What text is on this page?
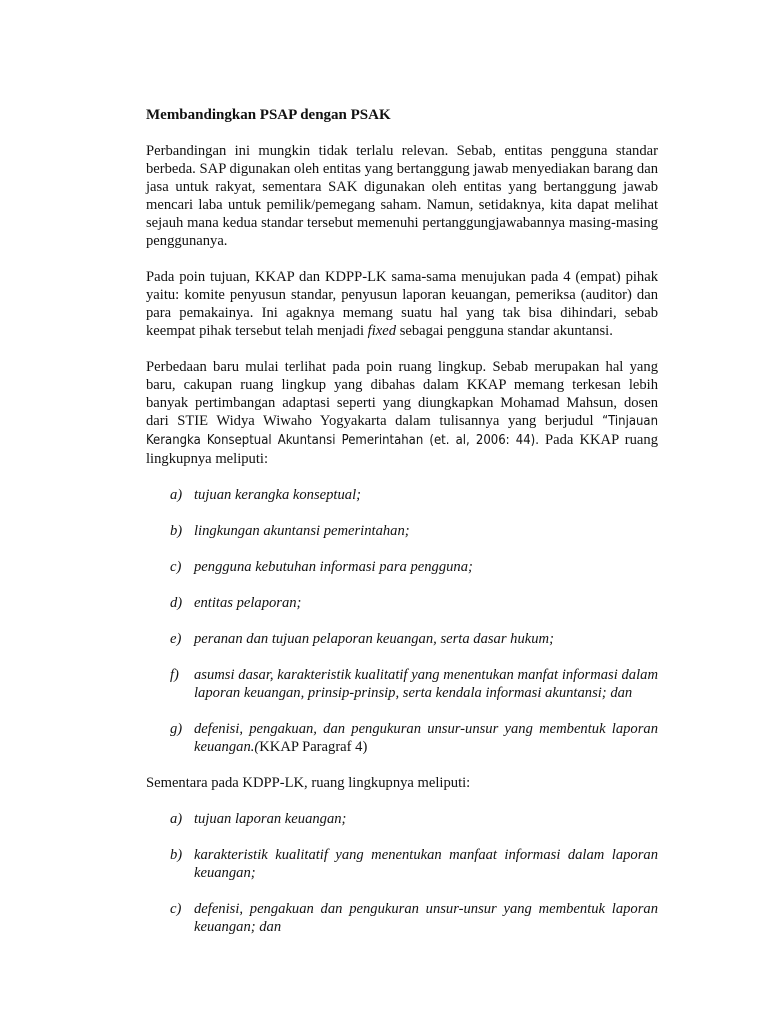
Membandingkan PSAP dengan PSAK

Perbandingan ini mungkin tidak terlalu relevan. Sebab, entitas pengguna standar berbeda. SAP digunakan oleh entitas yang bertanggung jawab menyediakan barang dan jasa untuk rakyat, sementara SAK digunakan oleh entitas yang bertanggung jawab mencari laba untuk pemilik/pemegang saham. Namun, setidaknya, kita dapat melihat sejauh mana kedua standar tersebut memenuhi pertanggungjawabannya masing-masing penggunanya.

Pada poin tujuan, KKAP dan KDPP-LK sama-sama menujukan pada 4 (empat) pihak yaitu: komite penyusun standar, penyusun laporan keuangan, pemeriksa (auditor) dan para pemakainya. Ini agaknya memang suatu hal yang tak bisa dihindari, sebab keempat pihak tersebut telah menjadi fixed sebagai pengguna standar akuntansi.

Perbedaan baru mulai terlihat pada poin ruang lingkup. Sebab merupakan hal yang baru, cakupan ruang lingkup yang dibahas dalam KKAP memang terkesan lebih banyak pertimbangan adaptasi seperti yang diungkapkan Mohamad Mahsun, dosen dari STIE Widya Wiwaho Yogyakarta dalam tulisannya yang berjudul “Tinjauan Kerangka Konseptual Akuntansi Pemerintahan (et. al, 2006: 44). Pada KKAP ruang lingkupnya meliputi:

a) tujuan kerangka konseptual;
b) lingkungan akuntansi pemerintahan;
c) pengguna kebutuhan informasi para pengguna;
d) entitas pelaporan;
e) peranan dan tujuan pelaporan keuangan, serta dasar hukum;
f)	asumsi dasar, karakteristik kualitatif yang menentukan manfat informasi dalam laporan keuangan, prinsip-prinsip, serta kendala informasi akuntansi; dan
g) defenisi, pengakuan, dan pengukuran unsur-unsur yang membentuk laporan keuangan.(KKAP Paragraf 4)

Sementara pada KDPP-LK, ruang lingkupnya meliputi:

a) tujuan laporan keuangan;
b) karakteristik kualitatif yang menentukan manfaat informasi dalam laporan keuangan;
c) defenisi, pengakuan dan pengukuran unsur-unsur yang membentuk laporan keuangan; dan
